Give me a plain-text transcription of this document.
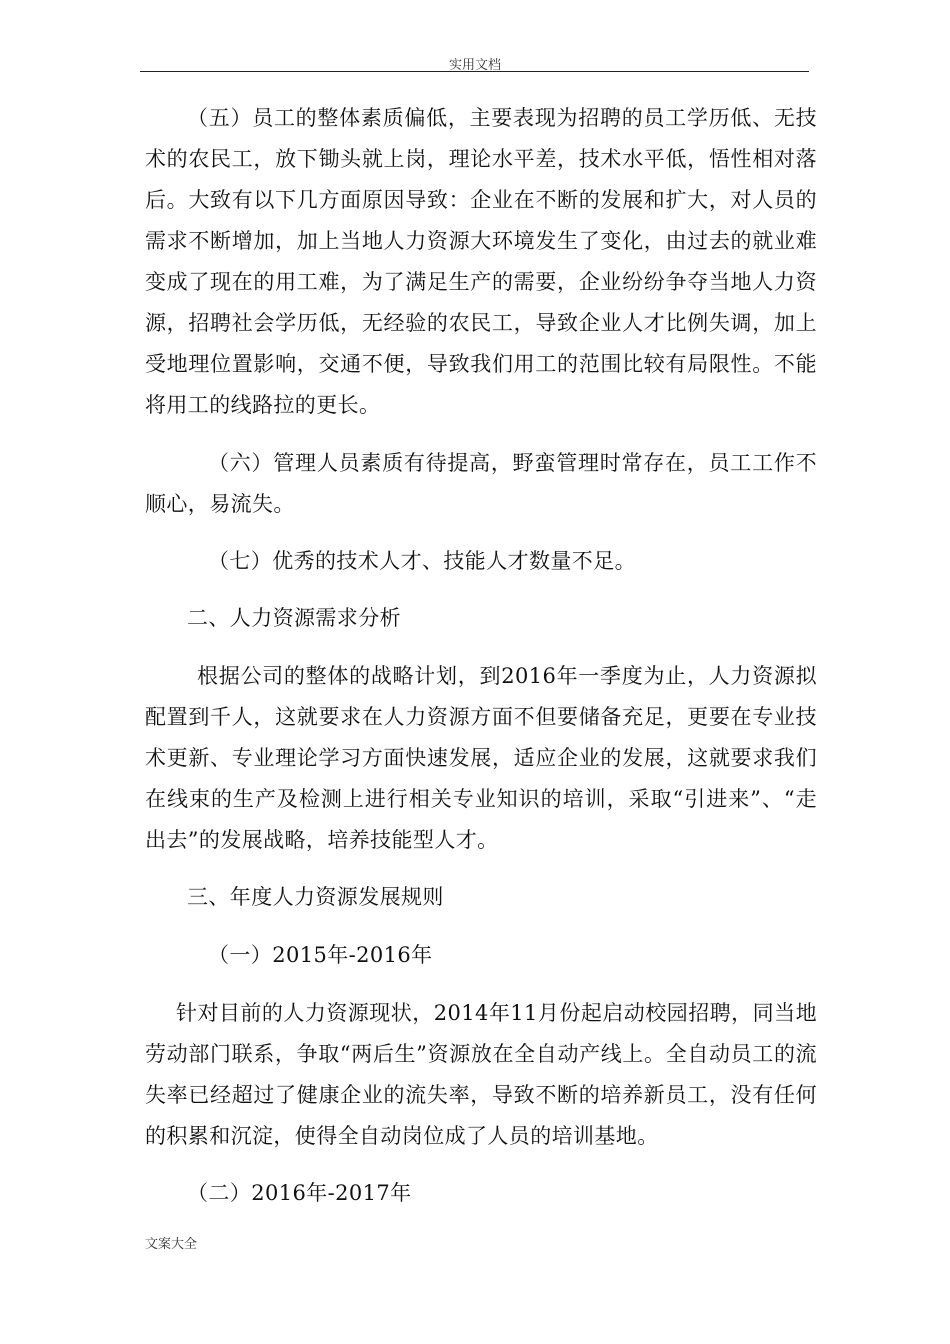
实用文档

（五）员工的整体素质偏低，主要表现为招聘的员工学历低、无技术的农民工，放下锄头就上岗，理论水平差，技术水平低，悟性相对落后。大致有以下几方面原因导致：企业在不断的发展和扩大，对人员的需求不断增加，加上当地人力资源大环境发生了变化，由过去的就业难变成了现在的用工难，为了满足生产的需要，企业纷纷争夺当地人力资源，招聘社会学历低，无经验的农民工，导致企业人才比例失调，加上受地理位置影响，交通不便，导致我们用工的范围比较有局限性。不能将用工的线路拉的更长。

（六）管理人员素质有待提高，野蛮管理时常存在，员工工作不顺心，易流失。

（七）优秀的技术人才、技能人才数量不足。

二、人力资源需求分析

根据公司的整体的战略计划，到2016年一季度为止，人力资源拟配置到千人，这就要求在人力资源方面不但要储备充足，更要在专业技术更新、专业理论学习方面快速发展，适应企业的发展，这就要求我们在线束的生产及检测上进行相关专业知识的培训，采取“引进来”、“走出去”的发展战略，培养技能型人才。

三、年度人力资源发展规则

（一）2015年-2016年

针对目前的人力资源现状，2014年11月份起启动校园招聘，同当地劳动部门联系，争取“两后生”资源放在全自动产线上。全自动员工的流失率已经超过了健康企业的流失率，导致不断的培养新员工，没有任何的积累和沉淀，使得全自动岗位成了人员的培训基地。

（二）2016年-2017年

文案大全
